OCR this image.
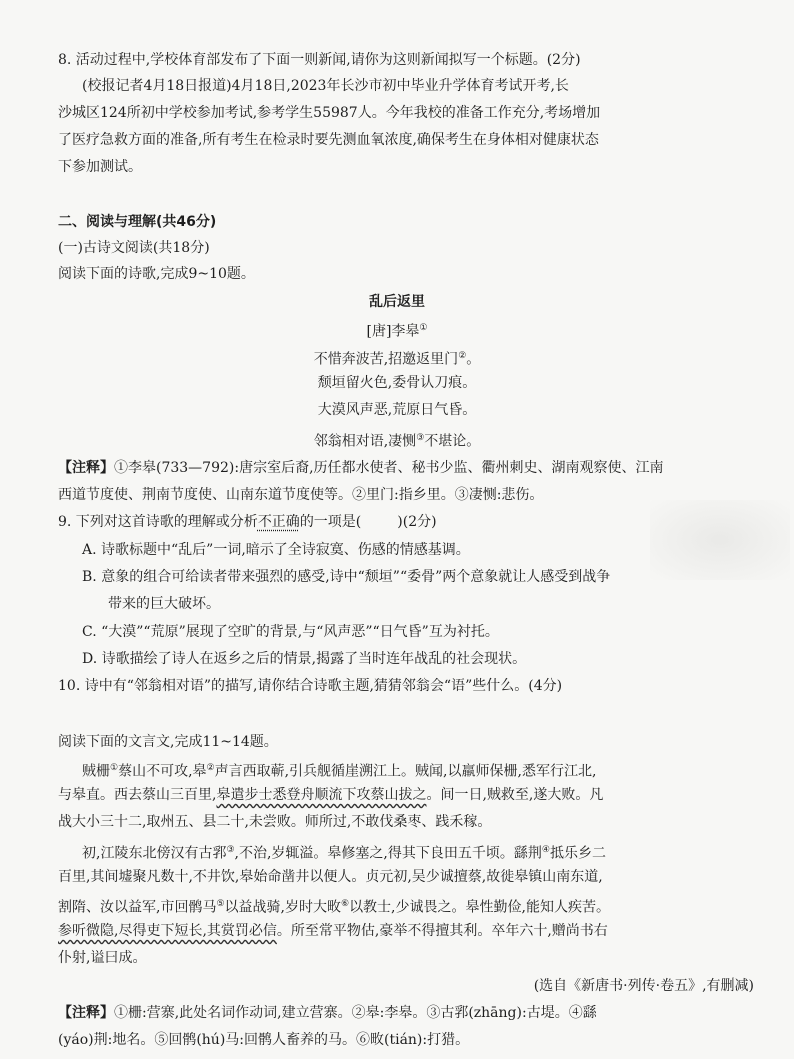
8. 活动过程中,学校体育部发布了下面一则新闻,请你为这则新闻拟写一个标题。(2分)
(校报记者4月18日报道)4月18日,2023年长沙市初中毕业升学体育考试开考,长
沙城区124所初中学校参加考试,参考学生55987人。今年我校的准备工作充分,考场增加
了医疗急救方面的准备,所有考生在检录时要先测血氧浓度,确保考生在身体相对健康状态
下参加测试。
二、阅读与理解(共46分)
(一)古诗文阅读(共18分)
阅读下面的诗歌,完成9~10题。
乱后返里
[唐]李皋①
不惜奔波苦,招邀返里门②。
颓垣留火色,委骨认刀痕。
大漠风声恶,荒原日气昏。
邻翁相对语,凄恻③不堪论。
【注释】①李皋(733—792):唐宗室后裔,历任都水使者、秘书少监、衢州刺史、湖南观察使、江南
西道节度使、荆南节度使、山南东道节度使等。②里门:指乡里。③凄恻:悲伤。
9. 下列对这首诗歌的理解或分析不正确的一项是(	)(2分)
A. 诗歌标题中“乱后”一词,暗示了全诗寂寞、伤感的情感基调。
B. 意象的组合可给读者带来强烈的感受,诗中“颓垣”“委骨”两个意象就让人感受到战争
带来的巨大破坏。
C. “大漠”“荒原”展现了空旷的背景,与“风声恶”“日气昏”互为衬托。
D. 诗歌描绘了诗人在返乡之后的情景,揭露了当时连年战乱的社会现状。
10. 诗中有“邻翁相对语”的描写,请你结合诗歌主题,猜猜邻翁会“语”些什么。(4分)
阅读下面的文言文,完成11~14题。
贼栅①蔡山不可攻,皋②声言西取蕲,引兵舰循崖溯江上。贼闻,以羸师保栅,悉军行江北,
与皋直。西去蔡山三百里,皋遣步士悉登舟顺流下攻蔡山拔之。间一日,贼救至,遂大败。凡
战大小三十二,取州五、县二十,未尝败。师所过,不敢伐桑枣、践禾稼。
初,江陵东北傍汉有古郛③,不治,岁辄溢。皋修塞之,得其下良田五千顷。繇荆④抵乐乡二
百里,其间墟聚凡数十,不井饮,皋始命凿井以便人。贞元初,吴少诚擅蔡,故徙皋镇山南东道,
割隋、汝以益军,市回鹘马⑤以益战骑,岁时大畋⑥以教士,少诚畏之。皋性勤俭,能知人疾苦。
参听微隐,尽得吏下短长,其赏罚必信。所至常平物估,豪举不得擅其利。卒年六十,赠尚书右
仆射,谥曰成。
(选自《新唐书·列传·卷五》,有删减)
【注释】①栅:营寨,此处名词作动词,建立营寨。②皋:李皋。③古郛(zhāng):古堤。④繇
(yáo)荆:地名。⑤回鹘(hú)马:回鹘人畜养的马。⑥畋(tián):打猎。
